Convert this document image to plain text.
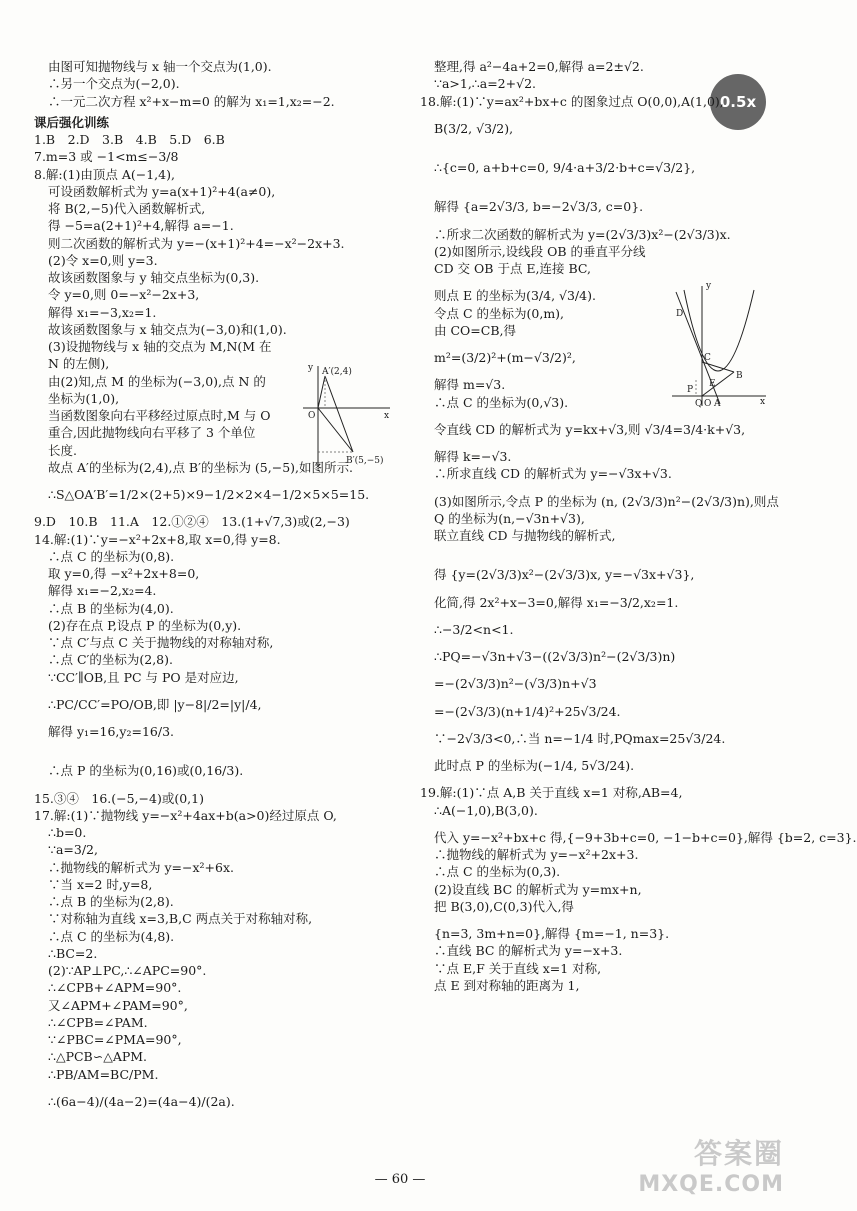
0.5x

由图可知抛物线与 x 轴一个交点为(1,0).

∴另一个交点为(−2,0).

∴一元二次方程 x²+x−m=0 的解为 x₁=1,x₂=−2.

课后强化训练

1.B　2.D　3.B　4.B　5.D　6.B

7.m=3 或 −1<m≤−3/8

8.解:(1)由顶点 A(−1,4),

可设函数解析式为 y=a(x+1)²+4(a≠0),

将 B(2,−5)代入函数解析式,

得 −5=a(2+1)²+4,解得 a=−1.

则二次函数的解析式为 y=−(x+1)²+4=−x²−2x+3.

(2)令 x=0,则 y=3.

故该函数图象与 y 轴交点坐标为(0,3).

令 y=0,则 0=−x²−2x+3,

解得 x₁=−3,x₂=1.

故该函数图象与 x 轴交点为(−3,0)和(1,0).

(3)设抛物线与 x 轴的交点为 M,N(M 在

N 的左侧),

由(2)知,点 M 的坐标为(−3,0),点 N 的

坐标为(1,0),

当函数图象向右平移经过原点时,M 与 O

重合,因此抛物线向右平移了 3 个单位

长度.

故点 A′的坐标为(2,4),点 B′的坐标为 (5,−5),如图所示.

∴S△OA′B′=1/2×(2+5)×9−1/2×2×4−1/2×5×5=15.

9.D　10.B　11.A　12.①②④　13.(1+√7,3)或(2,−3)

14.解:(1)∵y=−x²+2x+8,取 x=0,得 y=8.

∴点 C 的坐标为(0,8).

取 y=0,得 −x²+2x+8=0,

解得 x₁=−2,x₂=4.

∴点 B 的坐标为(4,0).

(2)存在点 P,设点 P 的坐标为(0,y).

∵点 C′与点 C 关于抛物线的对称轴对称,

∴点 C′的坐标为(2,8).

∵CC′∥OB,且 PC 与 PO 是对应边,

∴PC/CC′=PO/OB,即 |y−8|/2=|y|/4,

解得 y₁=16,y₂=16/3.

∴点 P 的坐标为(0,16)或(0,16/3).

15.③④　16.(−5,−4)或(0,1)

17.解:(1)∵抛物线 y=−x²+4ax+b(a>0)经过原点 O,

∴b=0.

∵a=3/2,

∴抛物线的解析式为 y=−x²+6x.

∵当 x=2 时,y=8,

∴点 B 的坐标为(2,8).

∵对称轴为直线 x=3,B,C 两点关于对称轴对称,

∴点 C 的坐标为(4,8).

∴BC=2.

(2)∵AP⊥PC,∴∠APC=90°.

∴∠CPB+∠APM=90°.

又∠APM+∠PAM=90°,

∴∠CPB=∠PAM.

∵∠PBC=∠PMA=90°,

∴△PCB∽△APM.

∴PB/AM=BC/PM.

∴(6a−4)/(4a−2)=(4a−4)/(2a).

A′(2,4)
O	x
y
B′(5,−5)

整理,得 a²−4a+2=0,解得 a=2±√2.

∵a>1,∴a=2+√2.

18.解:(1)∵y=ax²+bx+c 的图象过点 O(0,0),A(1,0),

B(3/2, √3/2),

∴{c=0, a+b+c=0, 9/4·a+3/2·b+c=√3/2},

解得 {a=2√3/3, b=−2√3/3, c=0}.

∴所求二次函数的解析式为 y=(2√3/3)x²−(2√3/3)x.

(2)如图所示,设线段 OB 的垂直平分线

CD 交 OB 于点 E,连接 BC,

则点 E 的坐标为(3/4, √3/4).

令点 C 的坐标为(0,m),

由 CO=CB,得

m²=(3/2)²+(m−√3/2)²,

解得 m=√3.

∴点 C 的坐标为(0,√3).

令直线 CD 的解析式为 y=kx+√3,则 √3/4=3/4·k+√3,

解得 k=−√3.

∴所求直线 CD 的解析式为 y=−√3x+√3.

(3)如图所示,令点 P 的坐标为 (n, (2√3/3)n²−(2√3/3)n),则点

Q 的坐标为(n,−√3n+√3),

联立直线 CD 与抛物线的解析式,

得 {y=(2√3/3)x²−(2√3/3)x, y=−√3x+√3},

化简,得 2x²+x−3=0,解得 x₁=−3/2,x₂=1.

∴−3/2<n<1.

∴PQ=−√3n+√3−((2√3/3)n²−(2√3/3)n)

=−(2√3/3)n²−(√3/3)n+√3

=−(2√3/3)(n+1/4)²+25√3/24.

∵−2√3/3<0,∴当 n=−1/4 时,PQmax=25√3/24.

此时点 P 的坐标为(−1/4, 5√3/24).

19.解:(1)∵点 A,B 关于直线 x=1 对称,AB=4,

∴A(−1,0),B(3,0).

代入 y=−x²+bx+c 得,{−9+3b+c=0, −1−b+c=0},解得 {b=2, c=3}.

∴抛物线的解析式为 y=−x²+2x+3.

∴点 C 的坐标为(0,3).

(2)设直线 BC 的解析式为 y=mx+n,

把 B(3,0),C(0,3)代入,得

{n=3, 3m+n=0},解得 {m=−1, n=3}.

∴直线 BC 的解析式为 y=−x+3.

∵点 E,F 关于直线 x=1 对称,

点 E 到对称轴的距离为 1,

y
D
C
P
E
B
Q O A	x
— 60 —
答案圈
MXQE.COM
